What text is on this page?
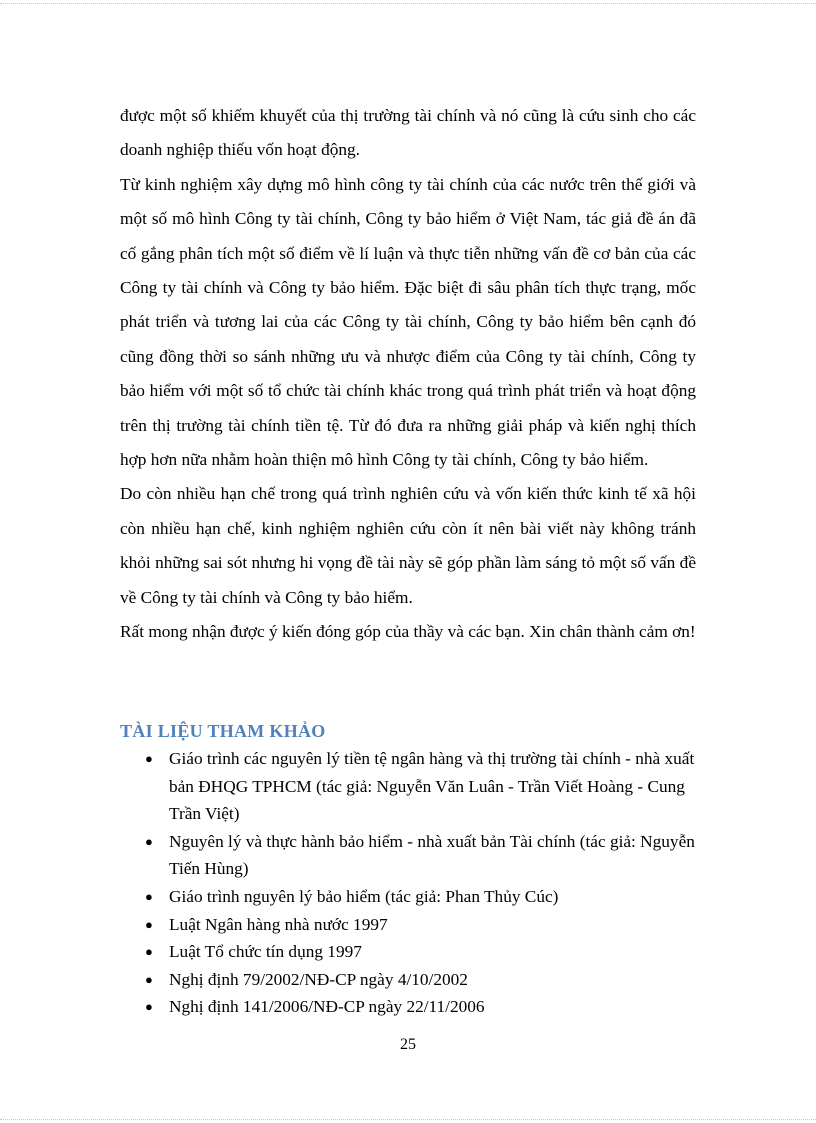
được một số khiếm khuyết của thị trường tài chính và nó cũng là cứu sinh cho các doanh nghiệp thiếu vốn hoạt động.

Từ kinh nghiệm xây dựng mô hình công ty tài chính của các nước trên thế giới và một số mô hình Công ty tài chính, Công ty bảo hiểm ở Việt Nam, tác giả đề án đã cố gắng phân tích một số điểm về lí luận và thực tiễn những vấn đề cơ bản của các Công ty tài chính và Công ty bảo hiểm. Đặc biệt đi sâu phân tích thực trạng, mốc phát triển và tương lai của các Công ty tài chính, Công ty bảo hiểm bên cạnh đó cũng đồng thời so sánh những ưu và nhược điểm của Công ty tài chính, Công ty bảo hiểm với một số tổ chức tài chính khác trong quá trình phát triển và hoạt động trên thị trường tài chính tiền tệ. Từ đó đưa ra những giải pháp và kiến nghị thích hợp hơn nữa nhằm hoàn thiện mô hình Công ty tài chính, Công ty bảo hiểm.

Do còn nhiều hạn chế trong quá trình nghiên cứu và vốn kiến thức kinh tế xã hội còn nhiều hạn chế, kinh nghiệm nghiên cứu còn ít nên bài viết này không tránh khỏi những sai sót nhưng hi vọng đề tài này sẽ góp phần làm sáng tỏ một số vấn đề về Công ty tài chính và Công ty bảo hiểm.

Rất mong nhận được ý kiến đóng góp của thầy và các bạn. Xin chân thành cảm ơn!

TÀI LIỆU THAM KHẢO
● Giáo trình các nguyên lý tiền tệ ngân hàng và thị trường tài chính - nhà xuất bản ĐHQG TPHCM (tác giả: Nguyễn Văn Luân - Trần Viết Hoàng - Cung Trần Việt)
● Nguyên lý và thực hành bảo hiểm - nhà xuất bản Tài chính (tác giả: Nguyễn Tiến Hùng)
● Giáo trình nguyên lý bảo hiểm (tác giả: Phan Thủy Cúc)
● Luật Ngân hàng nhà nước 1997
● Luật Tổ chức tín dụng 1997
● Nghị định 79/2002/NĐ-CP ngày 4/10/2002
● Nghị định 141/2006/NĐ-CP ngày 22/11/2006
25
